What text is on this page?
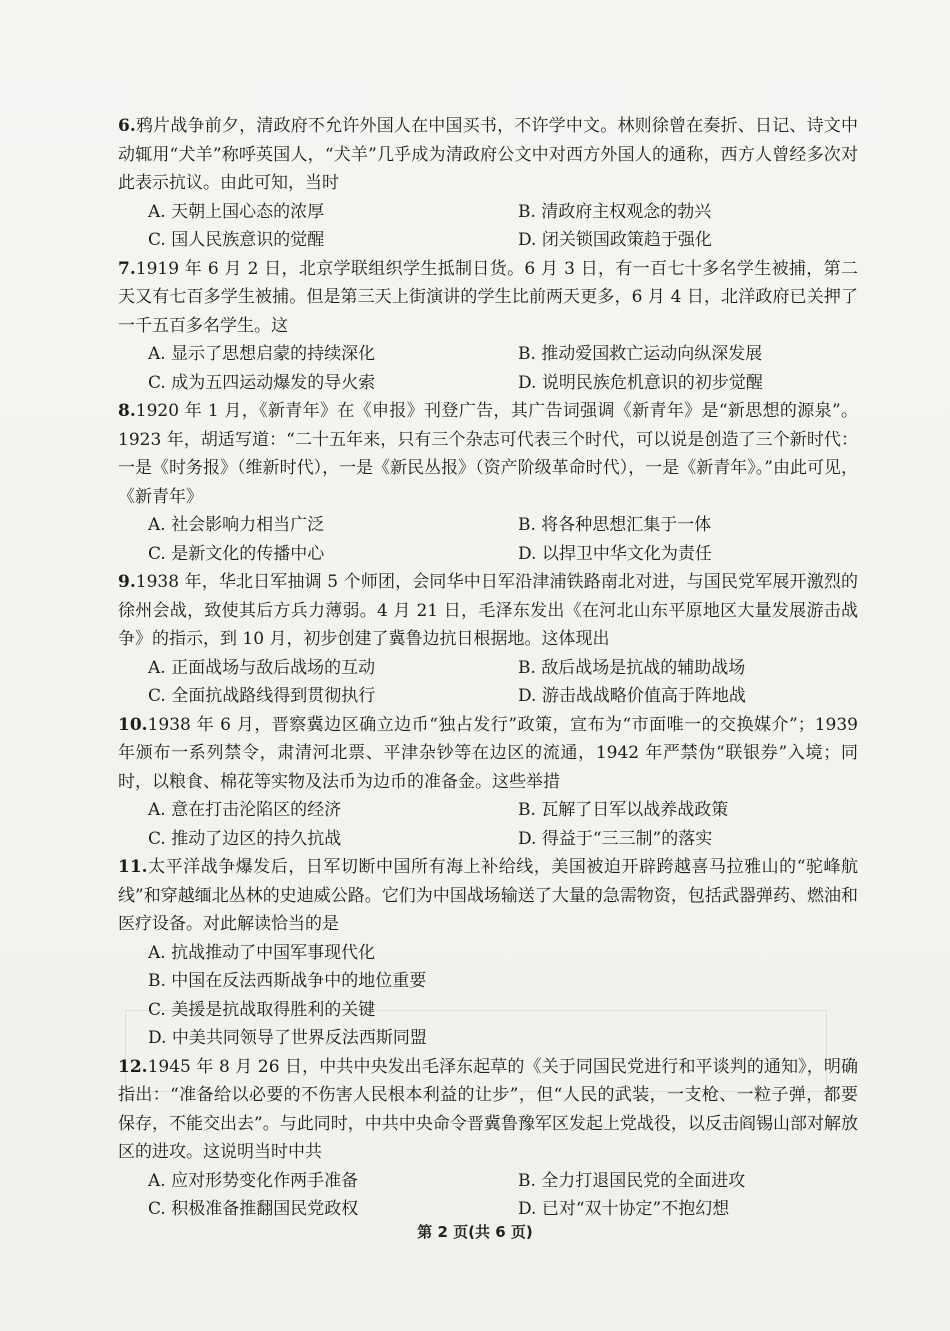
6.鸦片战争前夕，清政府不允许外国人在中国买书，不许学中文。林则徐曾在奏折、日记、诗文中动辄用“犬羊”称呼英国人，“犬羊”几乎成为清政府公文中对西方外国人的通称，西方人曾经多次对此表示抗议。由此可知，当时

A. 天朝上国心态的浓厚	B. 清政府主权观念的勃兴
C. 国人民族意识的觉醒	D. 闭关锁国政策趋于强化

7.1919 年 6 月 2 日，北京学联组织学生抵制日货。6 月 3 日，有一百七十多名学生被捕，第二天又有七百多学生被捕。但是第三天上街演讲的学生比前两天更多，6 月 4 日，北洋政府已关押了一千五百多名学生。这

A. 显示了思想启蒙的持续深化	B. 推动爱国救亡运动向纵深发展
C. 成为五四运动爆发的导火索	D. 说明民族危机意识的初步觉醒

8.1920 年 1 月，《新青年》在《申报》刊登广告，其广告词强调《新青年》是“新思想的源泉”。1923 年，胡适写道：“二十五年来，只有三个杂志可代表三个时代，可以说是创造了三个新时代：一是《时务报》（维新时代），一是《新民丛报》（资产阶级革命时代），一是《新青年》。”由此可见，《新青年》

A. 社会影响力相当广泛	B. 将各种思想汇集于一体
C. 是新文化的传播中心	D. 以捍卫中华文化为责任

9.1938 年，华北日军抽调 5 个师团，会同华中日军沿津浦铁路南北对进，与国民党军展开激烈的徐州会战，致使其后方兵力薄弱。4 月 21 日，毛泽东发出《在河北山东平原地区大量发展游击战争》的指示，到 10 月，初步创建了冀鲁边抗日根据地。这体现出

A. 正面战场与敌后战场的互动	B. 敌后战场是抗战的辅助战场
C. 全面抗战路线得到贯彻执行	D. 游击战战略价值高于阵地战

10.1938 年 6 月，晋察冀边区确立边币“独占发行”政策，宣布为“市面唯一的交换媒介”；1939 年颁布一系列禁令，肃清河北票、平津杂钞等在边区的流通，1942 年严禁伪“联银券”入境；同时，以粮食、棉花等实物及法币为边币的准备金。这些举措

A. 意在打击沦陷区的经济	B. 瓦解了日军以战养战政策
C. 推动了边区的持久抗战	D. 得益于“三三制”的落实

11.太平洋战争爆发后，日军切断中国所有海上补给线，美国被迫开辟跨越喜马拉雅山的“驼峰航线”和穿越缅北丛林的史迪威公路。它们为中国战场输送了大量的急需物资，包括武器弹药、燃油和医疗设备。对此解读恰当的是

A. 抗战推动了中国军事现代化
B. 中国在反法西斯战争中的地位重要
C. 美援是抗战取得胜利的关键
D. 中美共同领导了世界反法西斯同盟

12.1945 年 8 月 26 日，中共中央发出毛泽东起草的《关于同国民党进行和平谈判的通知》，明确指出：“准备给以必要的不伤害人民根本利益的让步”，但“人民的武装，一支枪、一粒子弹，都要保存，不能交出去”。与此同时，中共中央命令晋冀鲁豫军区发起上党战役，以反击阎锡山部对解放区的进攻。这说明当时中共

A. 应对形势变化作两手准备	B. 全力打退国民党的全面进攻
C. 积极准备推翻国民党政权	D. 已对“双十协定”不抱幻想
第 2 页(共 6 页)
